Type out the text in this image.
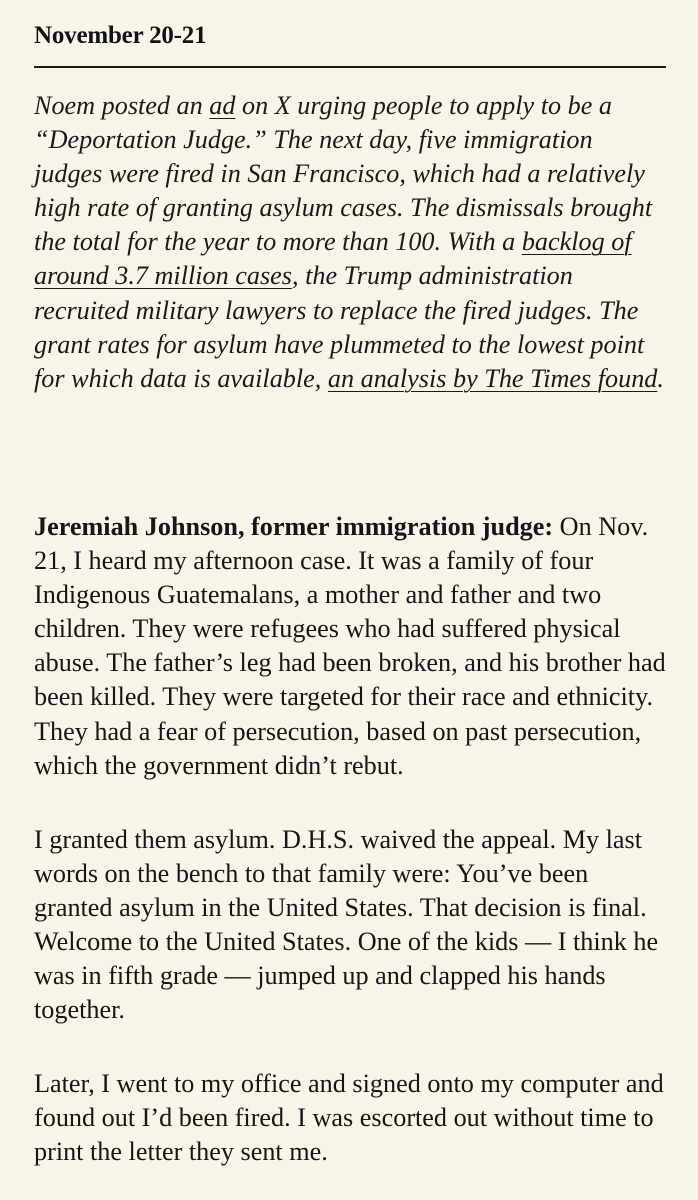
November 20-21

Noem posted an ad on X urging people to apply to be a “Deportation Judge.” The next day, five immigration judges were fired in San Francisco, which had a relatively high rate of granting asylum cases. The dismissals brought the total for the year to more than 100. With a backlog of around 3.7 million cases, the Trump administration recruited military lawyers to replace the fired judges. The grant rates for asylum have plummeted to the lowest point for which data is available, an analysis by The Times found.

Jeremiah Johnson, former immigration judge: On Nov. 21, I heard my afternoon case. It was a family of four Indigenous Guatemalans, a mother and father and two children. They were refugees who had suffered physical abuse. The father’s leg had been broken, and his brother had been killed. They were targeted for their race and ethnicity. They had a fear of persecution, based on past persecution, which the government didn’t rebut.

I granted them asylum. D.H.S. waived the appeal. My last words on the bench to that family were: You’ve been granted asylum in the United States. That decision is final. Welcome to the United States. One of the kids — I think he was in fifth grade — jumped up and clapped his hands together.

Later, I went to my office and signed onto my computer and found out I’d been fired. I was escorted out without time to print the letter they sent me.
